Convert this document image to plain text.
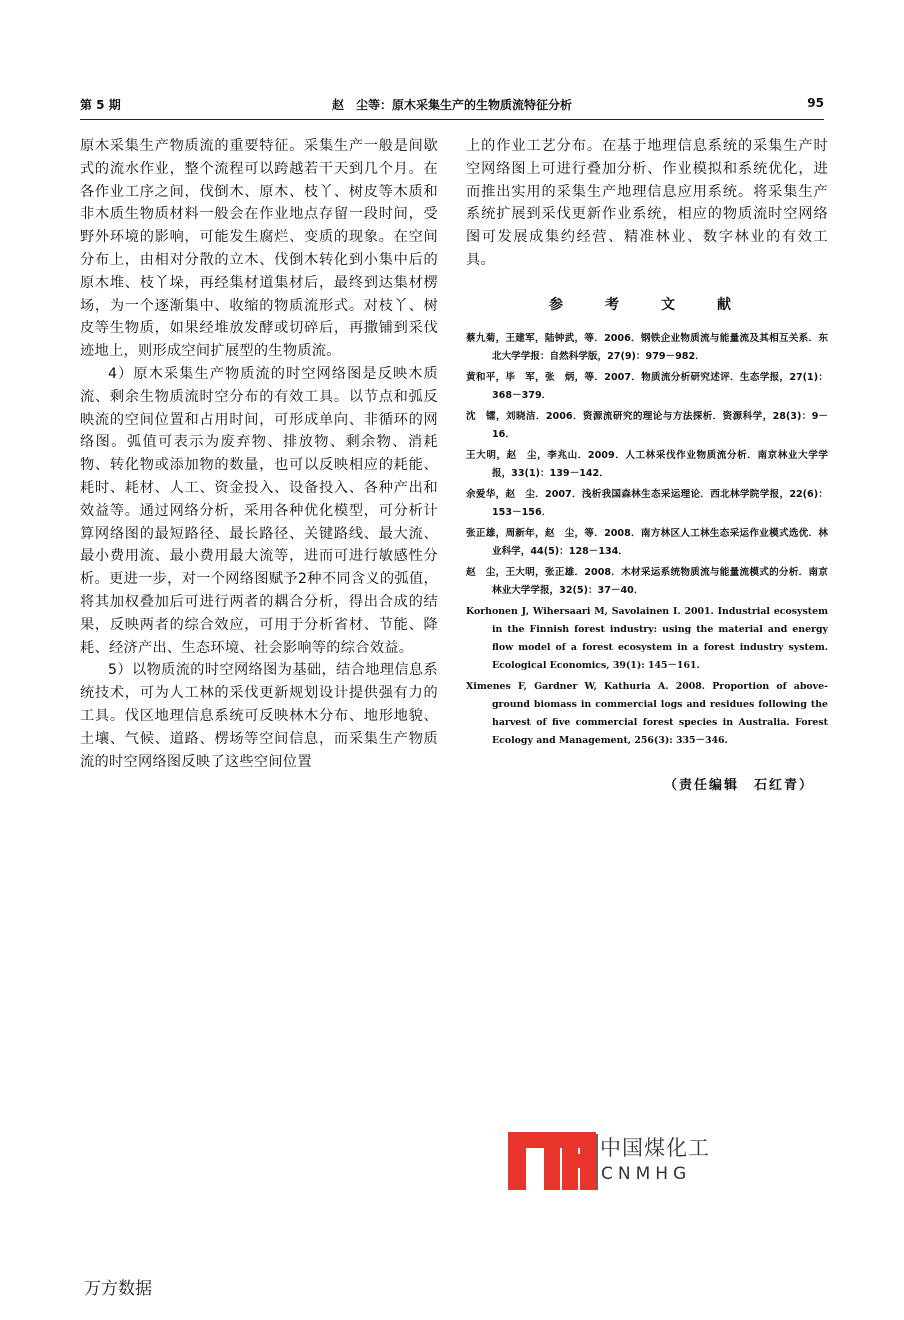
第 5 期	赵　尘等：原木采集生产的生物质流特征分析	95

原木采集生产物质流的重要特征。采集生产一般是间歇式的流水作业，整个流程可以跨越若干天到几个月。在各作业工序之间，伐倒木、原木、枝丫、树皮等木质和非木质生物质材料一般会在作业地点存留一段时间，受野外环境的影响，可能发生腐烂、变质的现象。在空间分布上，由相对分散的立木、伐倒木转化到小集中后的原木堆、枝丫垛，再经集材道集材后，最终到达集材楞场，为一个逐渐集中、收缩的物质流形式。对枝丫、树皮等生物质，如果经堆放发酵或切碎后，再撒铺到采伐迹地上，则形成空间扩展型的生物质流。

4）原木采集生产物质流的时空网络图是反映木质流、剩余生物质流时空分布的有效工具。以节点和弧反映流的空间位置和占用时间，可形成单向、非循环的网络图。弧值可表示为废弃物、排放物、剩余物、消耗物、转化物或添加物的数量，也可以反映相应的耗能、耗时、耗材、人工、资金投入、设备投入、各种产出和效益等。通过网络分析，采用各种优化模型，可分析计算网络图的最短路径、最长路径、关键路线、最大流、最小费用流、最小费用最大流等，进而可进行敏感性分析。更进一步，对一个网络图赋予2种不同含义的弧值，将其加权叠加后可进行两者的耦合分析，得出合成的结果，反映两者的综合效应，可用于分析省材、节能、降耗、经济产出、生态环境、社会影响等的综合效益。

5）以物质流的时空网络图为基础，结合地理信息系统技术，可为人工林的采伐更新规划设计提供强有力的工具。伐区地理信息系统可反映林木分布、地形地貌、土壤、气候、道路、楞场等空间信息，而采集生产物质流的时空网络图反映了这些空间位置

上的作业工艺分布。在基于地理信息系统的采集生产时空网络图上可进行叠加分析、作业模拟和系统优化，进而推出实用的采集生产地理信息应用系统。将采集生产系统扩展到采伐更新作业系统，相应的物质流时空网络图可发展成集约经营、精准林业、数字林业的有效工具。

参　考　文　献

蔡九菊，王建军，陆钟武，等．2006．钢铁企业物质流与能量流及其相互关系．东北大学学报：自然科学版，27(9)：979－982．

黄和平，毕　军，张　炳，等．2007．物质流分析研究述评．生态学报，27(1)：368－379．

沈　镭，刘晓洁．2006．资源流研究的理论与方法探析．资源科学，28(3)：9－16．

王大明，赵　尘，李兆山．2009．人工林采伐作业物质流分析．南京林业大学学报，33(1)：139－142．

余爱华，赵　尘．2007．浅析我国森林生态采运理论．西北林学院学报，22(6)：153－156．

张正雄，周新年，赵　尘，等．2008．南方林区人工林生态采运作业模式选优．林业科学，44(5)：128－134．

赵　尘，王大明，张正雄．2008．木材采运系统物质流与能量流模式的分析．南京林业大学学报，32(5)：37－40．

Korhonen J, Wihersaari M, Savolainen I. 2001. Industrial ecosystem in the Finnish forest industry: using the material and energy flow model of a forest ecosystem in a forest industry system. Ecological Economics, 39(1): 145－161.

Ximenes F, Gardner W, Kathuria A. 2008. Proportion of above-ground biomass in commercial logs and residues following the harvest of five commercial forest species in Australia. Forest Ecology and Management, 256(3): 335－346.

（责任编辑　石红青）
中国煤化工
CNMHG
万方数据
